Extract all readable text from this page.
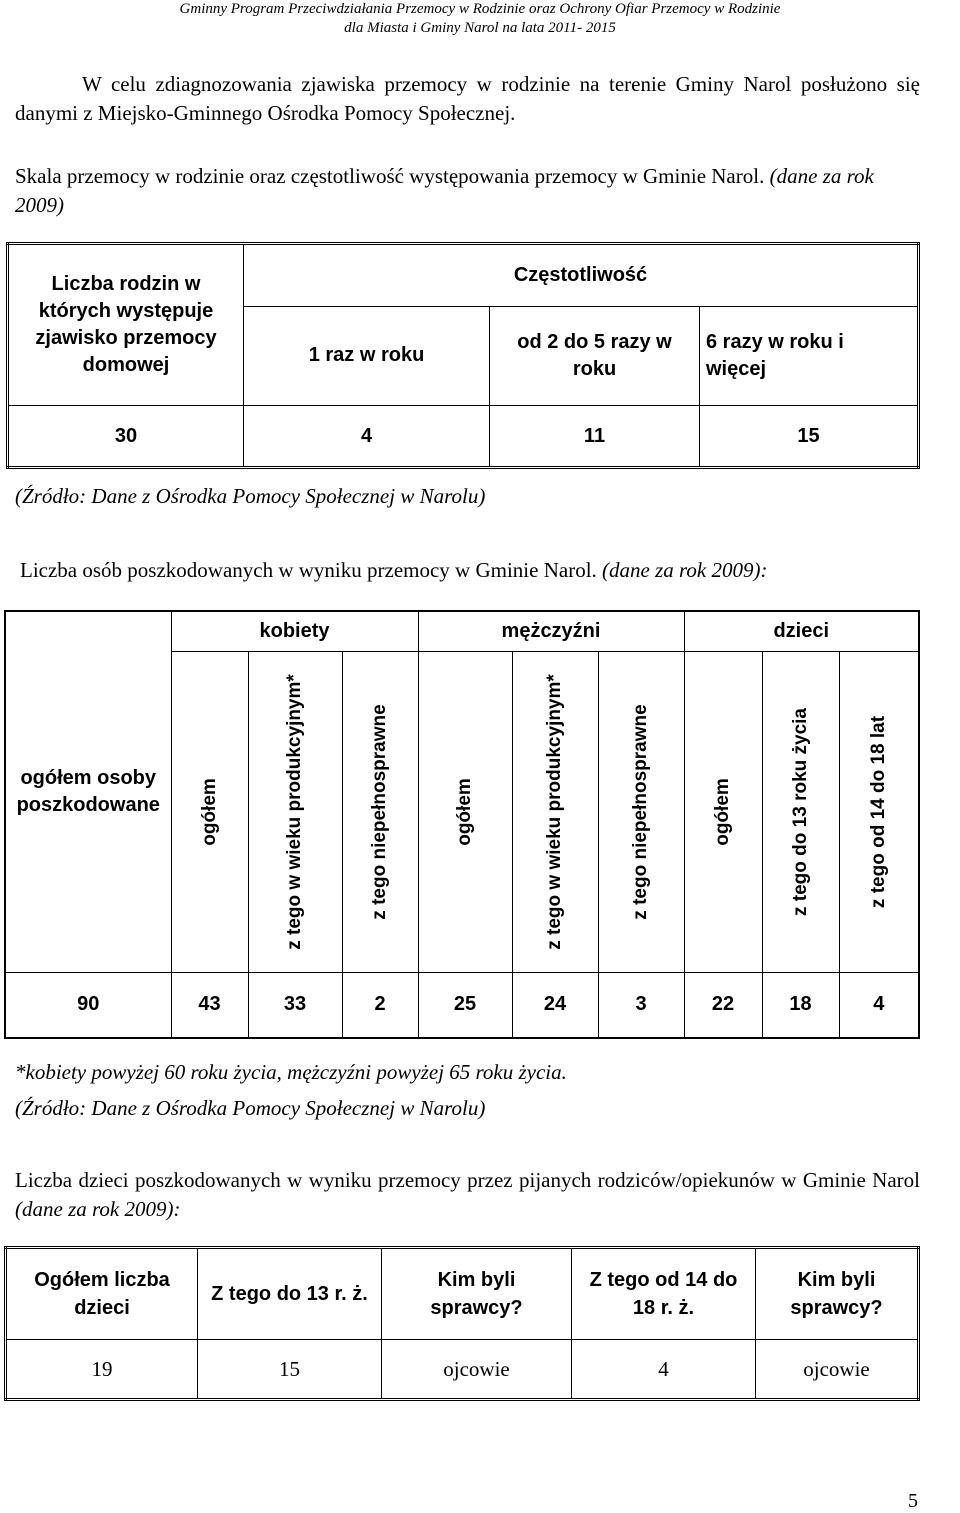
Gminny Program Przeciwdziałania Przemocy w Rodzinie oraz Ochrony Ofiar Przemocy w Rodzinie
dla Miasta i Gminy Narol na lata 2011- 2015

W celu zdiagnozowania zjawiska przemocy w rodzinie na terenie Gminy Narol posłużono się danymi z Miejsko-Gminnego Ośrodka Pomocy Społecznej.

Skala przemocy w rodzinie oraz częstotliwość występowania przemocy w Gminie Narol. (dane za rok 2009)

Liczba rodzin w których występuje zjawisko przemocy domowej	Częstotliwość		
	1 raz w roku	od 2 do 5 razy w roku	6 razy w roku i więcej

30	4	11	15

(Źródło: Dane z Ośrodka Pomocy Społecznej w Narolu)

Liczba osób poszkodowanych w wyniku przemocy w Gminie Narol. (dane za rok 2009):

ogółem osoby poszkodowane	kobiety			mężczyźni			dzieci		

	ogółem	z tego w wieku produkcyjnym*	z tego niepełnosprawne	ogółem	z tego w wieku produkcyjnym*	z tego niepełnosprawne	ogółem	z tego do 13 roku życia	z tego od 14 do 18 lat

90	43	33	2	25	24	3	22	18	4

*kobiety powyżej 60 roku życia, mężczyźni powyżej 65 roku życia.

(Źródło: Dane z Ośrodka Pomocy Społecznej w Narolu)

Liczba dzieci poszkodowanych w wyniku przemocy przez pijanych rodziców/opiekunów w Gminie Narol (dane za rok 2009):

Ogółem liczba dzieci	Z tego do 13 r. ż.	Kim byli sprawcy?	Z tego od 14 do 18 r. ż.	Kim byli sprawcy?

19	15	ojcowie	4	ojcowie
5
